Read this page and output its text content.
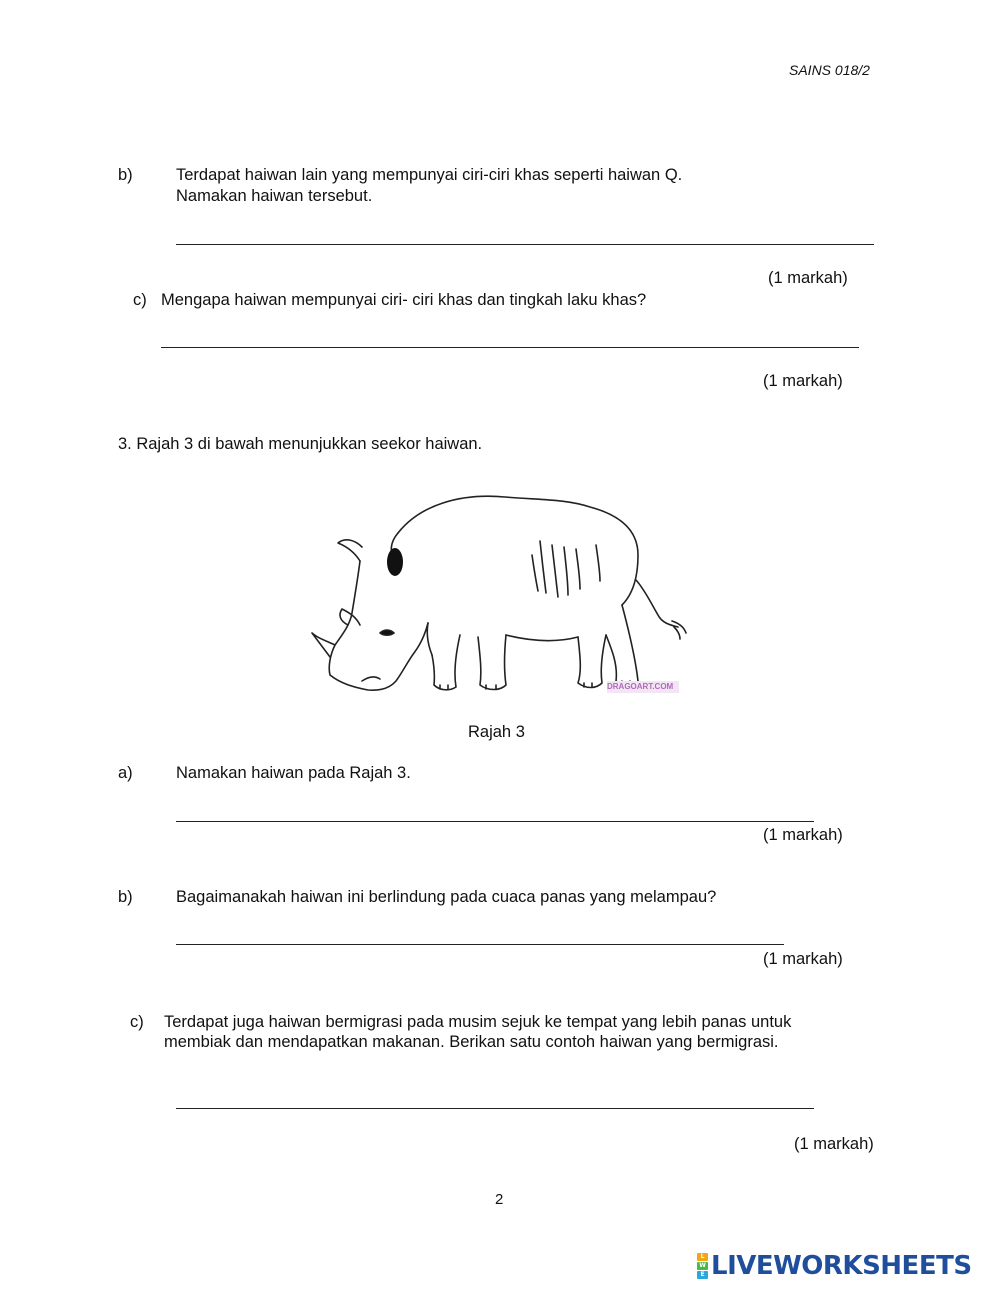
SAINS 018/2
b)	Terdapat haiwan lain yang mempunyai ciri-ciri khas seperti haiwan Q.
Namakan haiwan tersebut.
(1 markah)
c) Mengapa haiwan mempunyai ciri- ciri khas dan tingkah laku khas?
(1 markah)
3. Rajah 3 di bawah menunjukkan seekor haiwan.
DRAGOART.COM
Rajah 3
a)	Namakan haiwan pada Rajah 3.
(1 markah)
b)	Bagaimanakah haiwan ini berlindung pada cuaca panas yang melampau?
(1 markah)
c) Terdapat juga haiwan bermigrasi pada musim sejuk ke tempat yang lebih panas untuk
membiak dan mendapatkan makanan. Berikan satu contoh haiwan yang bermigrasi.
(1 markah)
2
L
W
E LIVEWORKSHEETS
